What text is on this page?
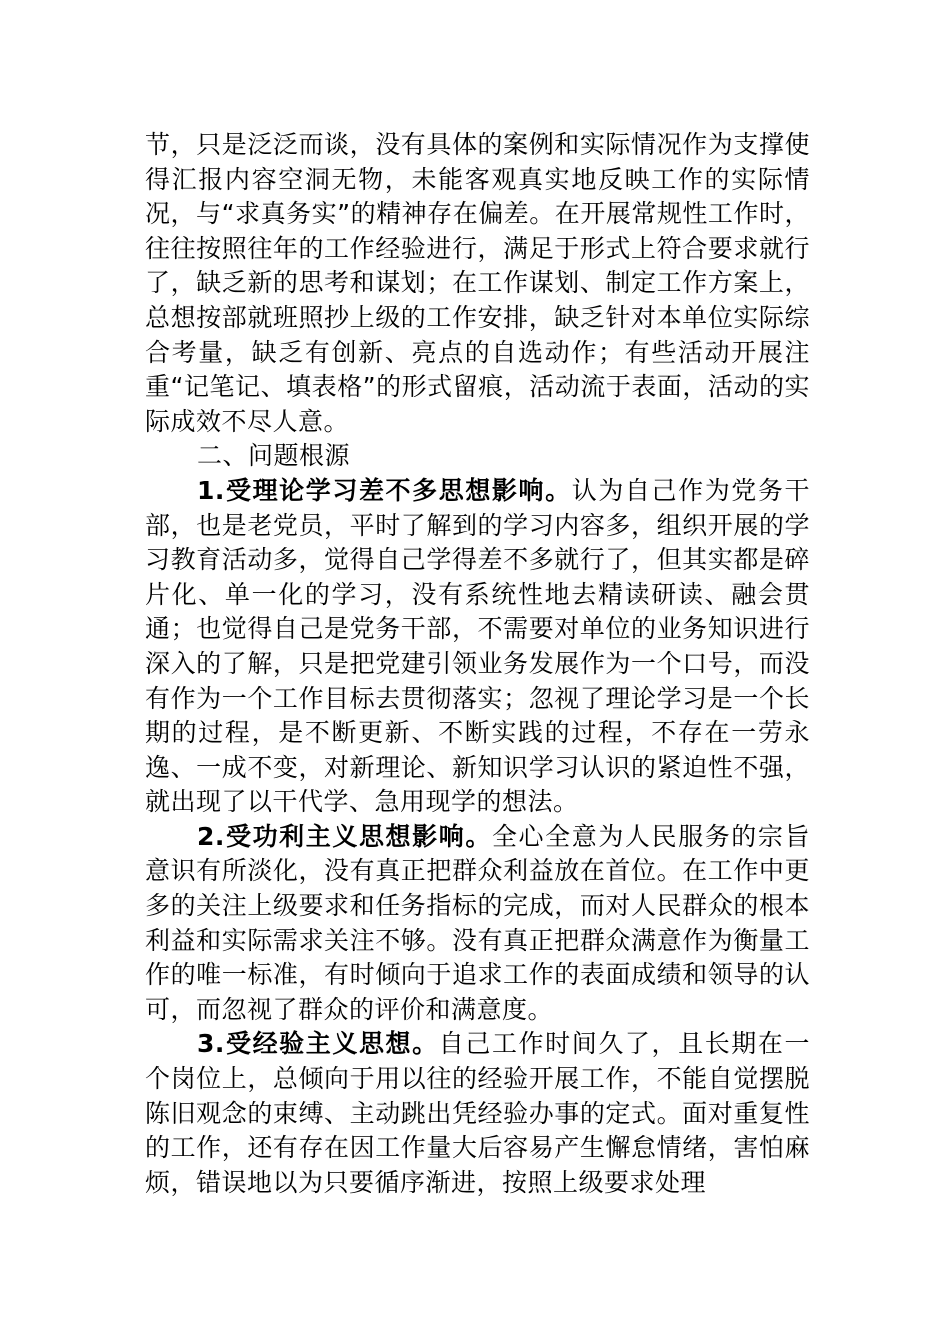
节，只是泛泛而谈，没有具体的案例和实际情况作为支撑使得汇报内容空洞无物，未能客观真实地反映工作的实际情况，与“求真务实”的精神存在偏差。在开展常规性工作时，往往按照往年的工作经验进行，满足于形式上符合要求就行了，缺乏新的思考和谋划；在工作谋划、制定工作方案上，总想按部就班照抄上级的工作安排，缺乏针对本单位实际综合考量，缺乏有创新、亮点的自选动作；有些活动开展注重“记笔记、填表格”的形式留痕，活动流于表面，活动的实际成效不尽人意。

二、问题根源

1.受理论学习差不多思想影响。认为自己作为党务干部，也是老党员，平时了解到的学习内容多，组织开展的学习教育活动多，觉得自己学得差不多就行了，但其实都是碎片化、单一化的学习，没有系统性地去精读研读、融会贯通；也觉得自己是党务干部，不需要对单位的业务知识进行深入的了解，只是把党建引领业务发展作为一个口号，而没有作为一个工作目标去贯彻落实；忽视了理论学习是一个长期的过程，是不断更新、不断实践的过程，不存在一劳永逸、一成不变，对新理论、新知识学习认识的紧迫性不强，就出现了以干代学、急用现学的想法。

2.受功利主义思想影响。全心全意为人民服务的宗旨意识有所淡化，没有真正把群众利益放在首位。在工作中更多的关注上级要求和任务指标的完成，而对人民群众的根本利益和实际需求关注不够。没有真正把群众满意作为衡量工作的唯一标准，有时倾向于追求工作的表面成绩和领导的认可，而忽视了群众的评价和满意度。

3.受经验主义思想。自己工作时间久了，且长期在一个岗位上，总倾向于用以往的经验开展工作，不能自觉摆脱陈旧观念的束缚、主动跳出凭经验办事的定式。面对重复性的工作，还有存在因工作量大后容易产生懈怠情绪，害怕麻烦，错误地以为只要循序渐进，按照上级要求处理
